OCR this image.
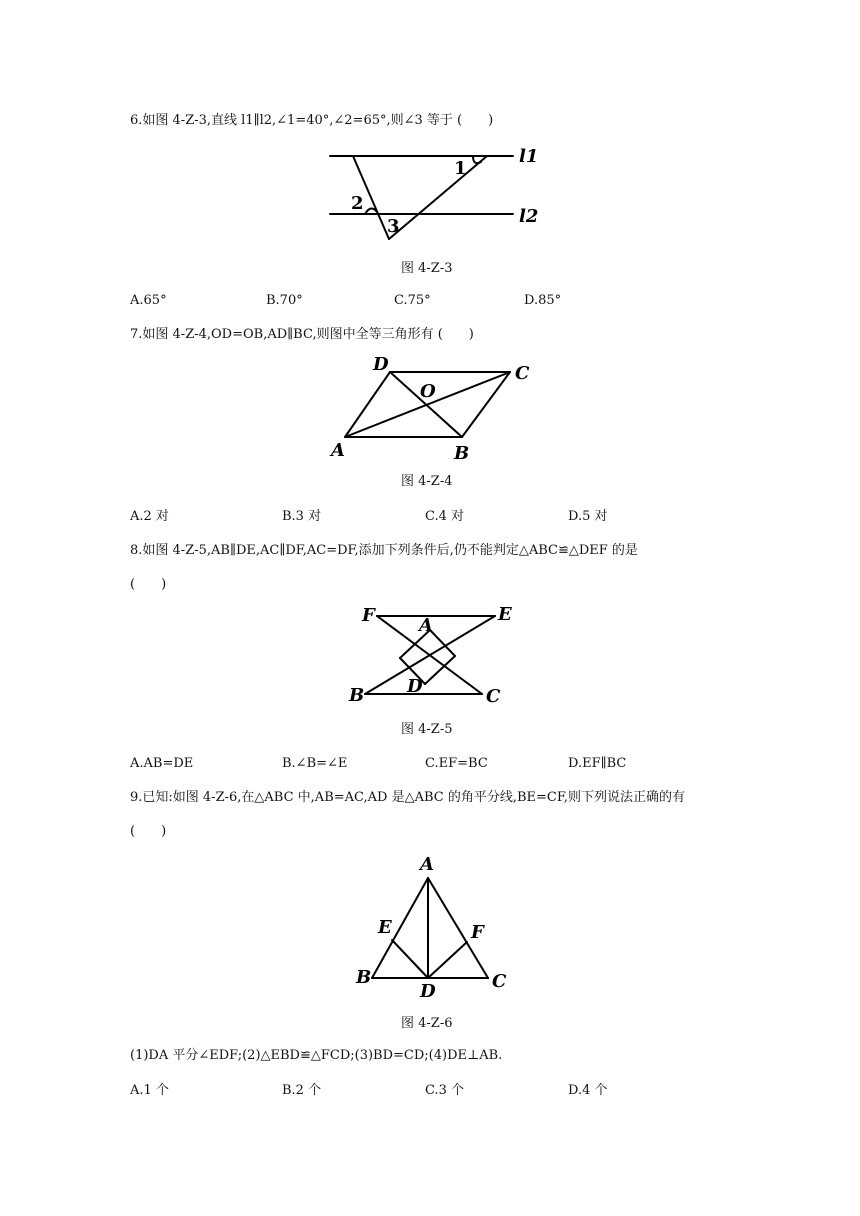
6.如图 4-Z-3,直线 l1∥l2,∠1=40°,∠2=65°,则∠3 等于 (　　)
1
2
3
l1
l2
图 4-Z-3
A.65°	B.70°	C.75°	D.85°
7.如图 4-Z-4,OD=OB,AD∥BC,则图中全等三角形有 (　　)
D	C
O
A	B
图 4-Z-4
A.2 对	B.3 对	C.4 对	D.5 对
8.如图 4-Z-5,AB∥DE,AC∥DF,AC=DF,添加下列条件后,仍不能判定△ABC≌△DEF 的是
(　　)
F	E
A
D
B	C
图 4-Z-5
A.AB=DE	B.∠B=∠E	C.EF=BC	D.EF∥BC
9.已知:如图 4-Z-6,在△ABC 中,AB=AC,AD 是△ABC 的角平分线,BE=CF,则下列说法正确的有
(　　)
A
E	F
B
D	C
图 4-Z-6
(1)DA 平分∠EDF;(2)△EBD≌△FCD;(3)BD=CD;(4)DE⊥AB.
A.1 个	B.2 个	C.3 个	D.4 个
